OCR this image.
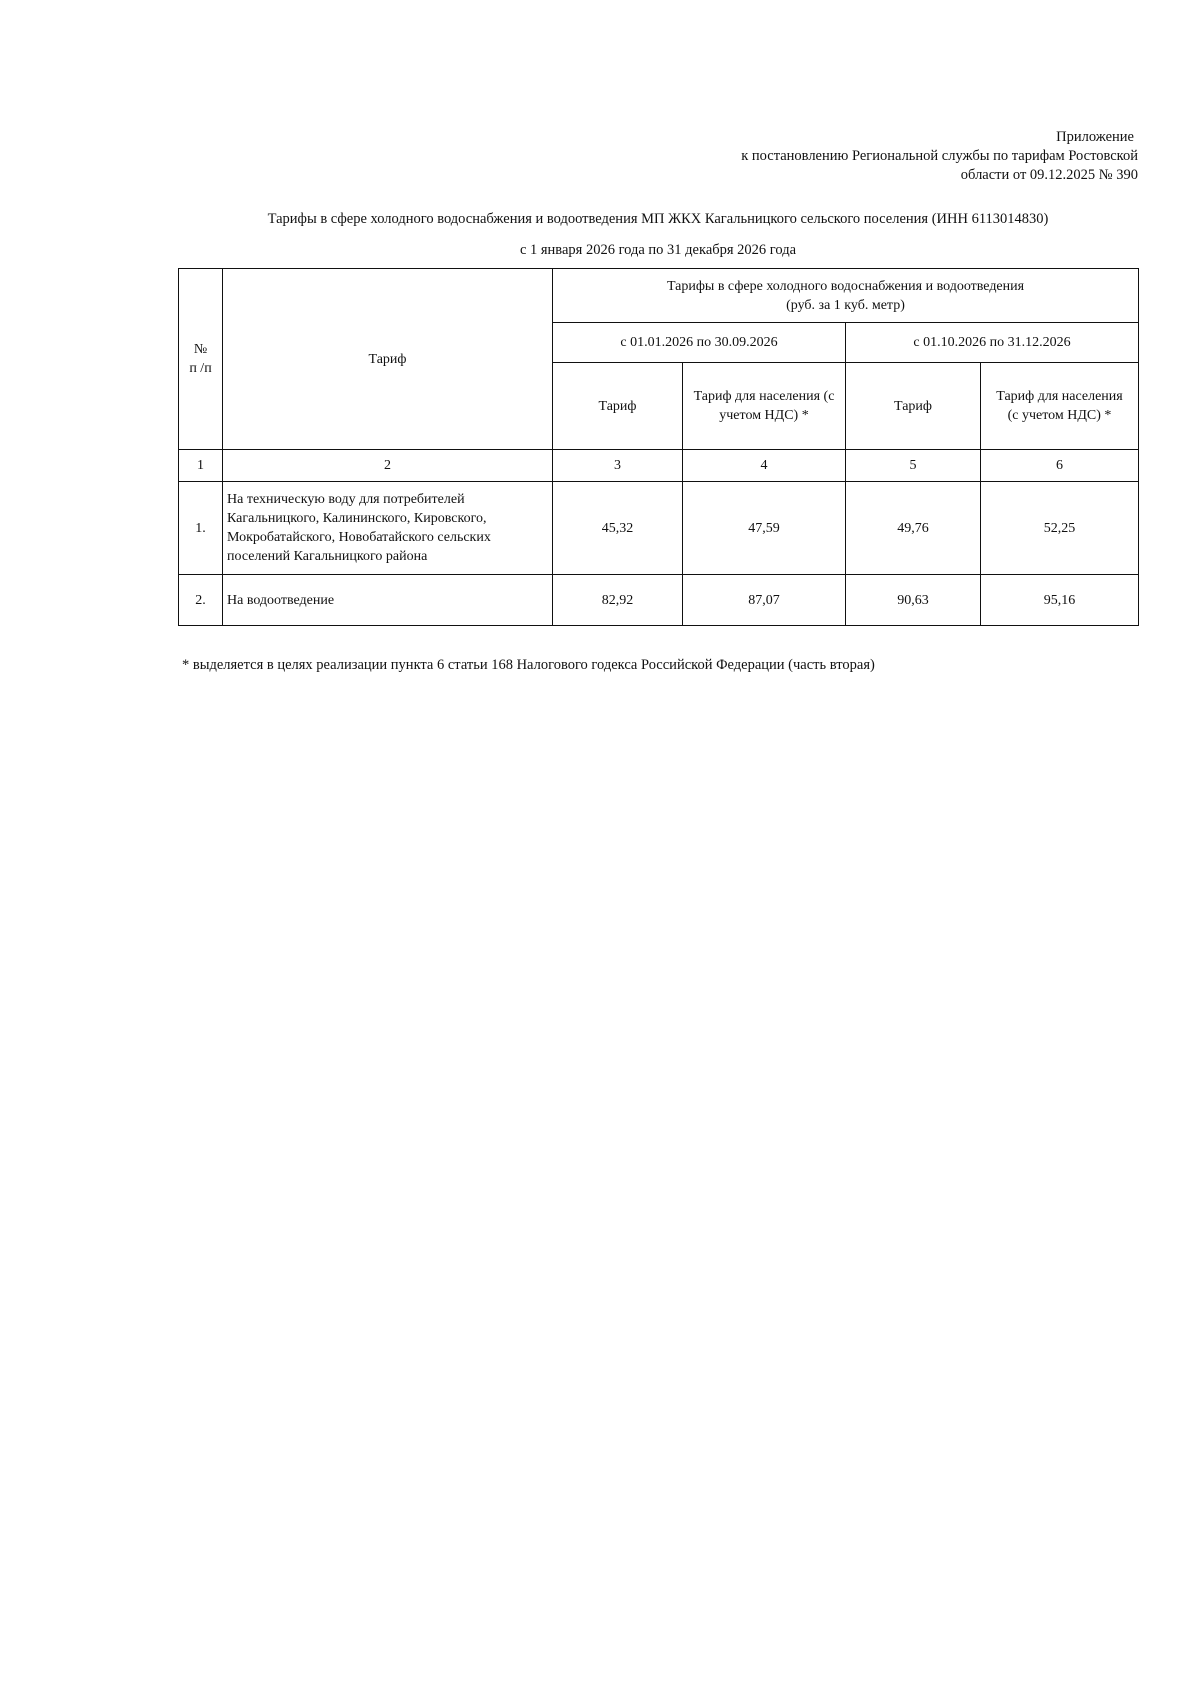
Приложение
к постановлению Региональной службы по тарифам Ростовской
области от 09.12.2025 № 390
Тарифы в сфере холодного водоснабжения и водоотведения МП ЖКХ Кагальницкого сельского поселения (ИНН 6113014830)
с 1 января 2026 года по 31 декабря 2026 года
№
п /п	Тариф	Тарифы в сфере холодного водоснабжения и водоотведения
(руб. за 1 куб. метр)			
		с 01.01.2026 по 30.09.2026		с 01.10.2026 по 31.12.2026	
		Тариф	Тариф для населения (с
учетом НДС) *	Тариф	Тариф для населения
(с учетом НДС) *
1	2	3	4	5	6
1.	На техническую воду для потребителей
Кагальницкого, Калининского, Кировского,
Мокробатайского, Новобатайского сельских
поселений Кагальницкого района	45,32	47,59	49,76	52,25
2.	На водоотведение	82,92	87,07	90,63	95,16
* выделяется в целях реализации пункта 6 статьи 168 Налогового годекса Российской Федерации (часть вторая)
